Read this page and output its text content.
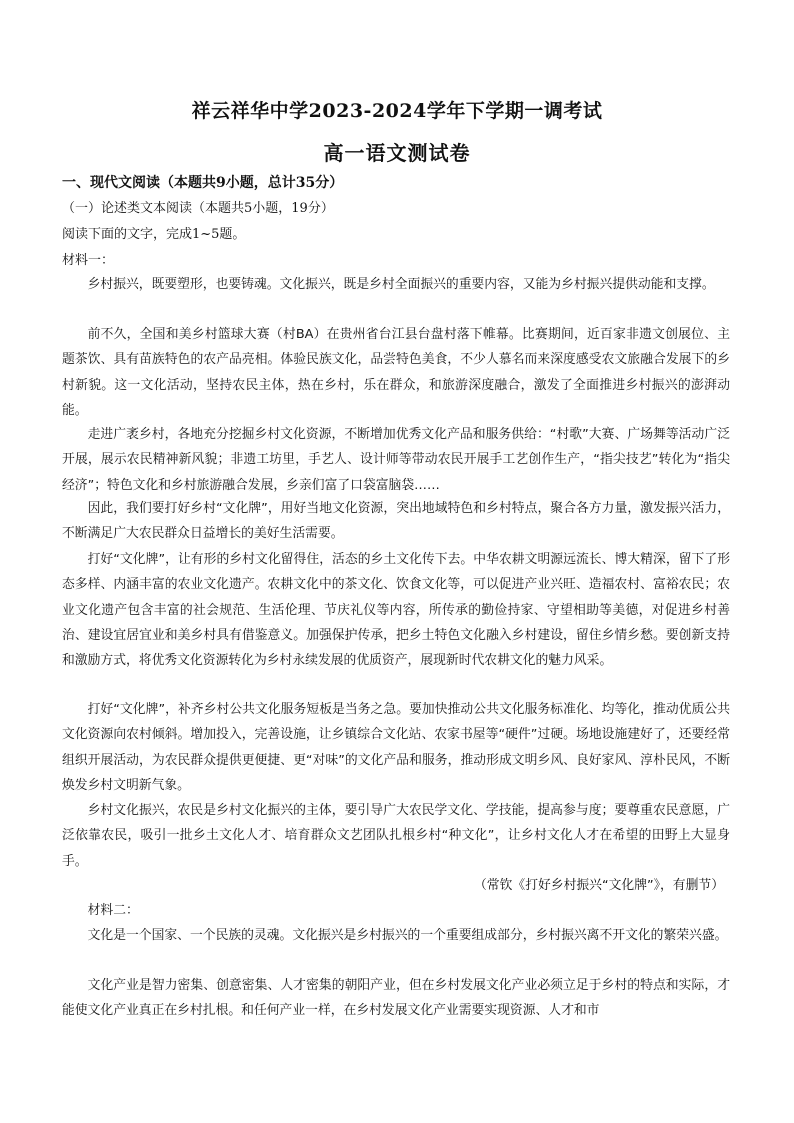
祥云祥华中学2023-2024学年下学期一调考试
高一语文测试卷
一、现代文阅读（本题共9小题，总计35分）
（一）论述类文本阅读（本题共5小题，19分）
阅读下面的文字，完成1~5题。
材料一：
乡村振兴，既要塑形，也要铸魂。文化振兴，既是乡村全面振兴的重要内容，又能为乡村振兴提供动能和支撑。
前不久，全国和美乡村篮球大赛（村BA）在贵州省台江县台盘村落下帷幕。比赛期间，近百家非遗文创展位、主题茶饮、具有苗族特色的农产品亮相。体验民族文化，品尝特色美食，不少人慕名而来深度感受农文旅融合发展下的乡村新貌。这一文化活动，坚持农民主体，热在乡村，乐在群众，和旅游深度融合，激发了全面推进乡村振兴的澎湃动能。
走进广袤乡村，各地充分挖掘乡村文化资源，不断增加优秀文化产品和服务供给：“村歌”大赛、广场舞等活动广泛开展，展示农民精神新风貌；非遗工坊里，手艺人、设计师等带动农民开展手工艺创作生产，“指尖技艺”转化为“指尖经济”；特色文化和乡村旅游融合发展，乡亲们富了口袋富脑袋……
因此，我们要打好乡村“文化牌”，用好当地文化资源，突出地域特色和乡村特点，聚合各方力量，激发振兴活力，不断满足广大农民群众日益增长的美好生活需要。
打好“文化牌”，让有形的乡村文化留得住，活态的乡土文化传下去。中华农耕文明源远流长、博大精深，留下了形态多样、内涵丰富的农业文化遗产。农耕文化中的茶文化、饮食文化等，可以促进产业兴旺、造福农村、富裕农民；农业文化遗产包含丰富的社会规范、生活伦理、节庆礼仪等内容，所传承的勤俭持家、守望相助等美德，对促进乡村善治、建设宜居宜业和美乡村具有借鉴意义。加强保护传承，把乡土特色文化融入乡村建设，留住乡情乡愁。要创新支持和激励方式，将优秀文化资源转化为乡村永续发展的优质资产，展现新时代农耕文化的魅力风采。
打好“文化牌”，补齐乡村公共文化服务短板是当务之急。要加快推动公共文化服务标准化、均等化，推动优质公共文化资源向农村倾斜。增加投入，完善设施，让乡镇综合文化站、农家书屋等“硬件”过硬。场地设施建好了，还要经常组织开展活动，为农民群众提供更便捷、更“对味”的文化产品和服务，推动形成文明乡风、良好家风、淳朴民风，不断焕发乡村文明新气象。
乡村文化振兴，农民是乡村文化振兴的主体，要引导广大农民学文化、学技能，提高参与度；要尊重农民意愿，广泛依靠农民，吸引一批乡土文化人才、培育群众文艺团队扎根乡村“种文化”，让乡村文化人才在希望的田野上大显身手。
（常钦《打好乡村振兴“文化牌”》，有删节）
材料二：
文化是一个国家、一个民族的灵魂。文化振兴是乡村振兴的一个重要组成部分，乡村振兴离不开文化的繁荣兴盛。
文化产业是智力密集、创意密集、人才密集的朝阳产业，但在乡村发展文化产业必须立足于乡村的特点和实际，才能使文化产业真正在乡村扎根。和任何产业一样，在乡村发展文化产业需要实现资源、人才和市
